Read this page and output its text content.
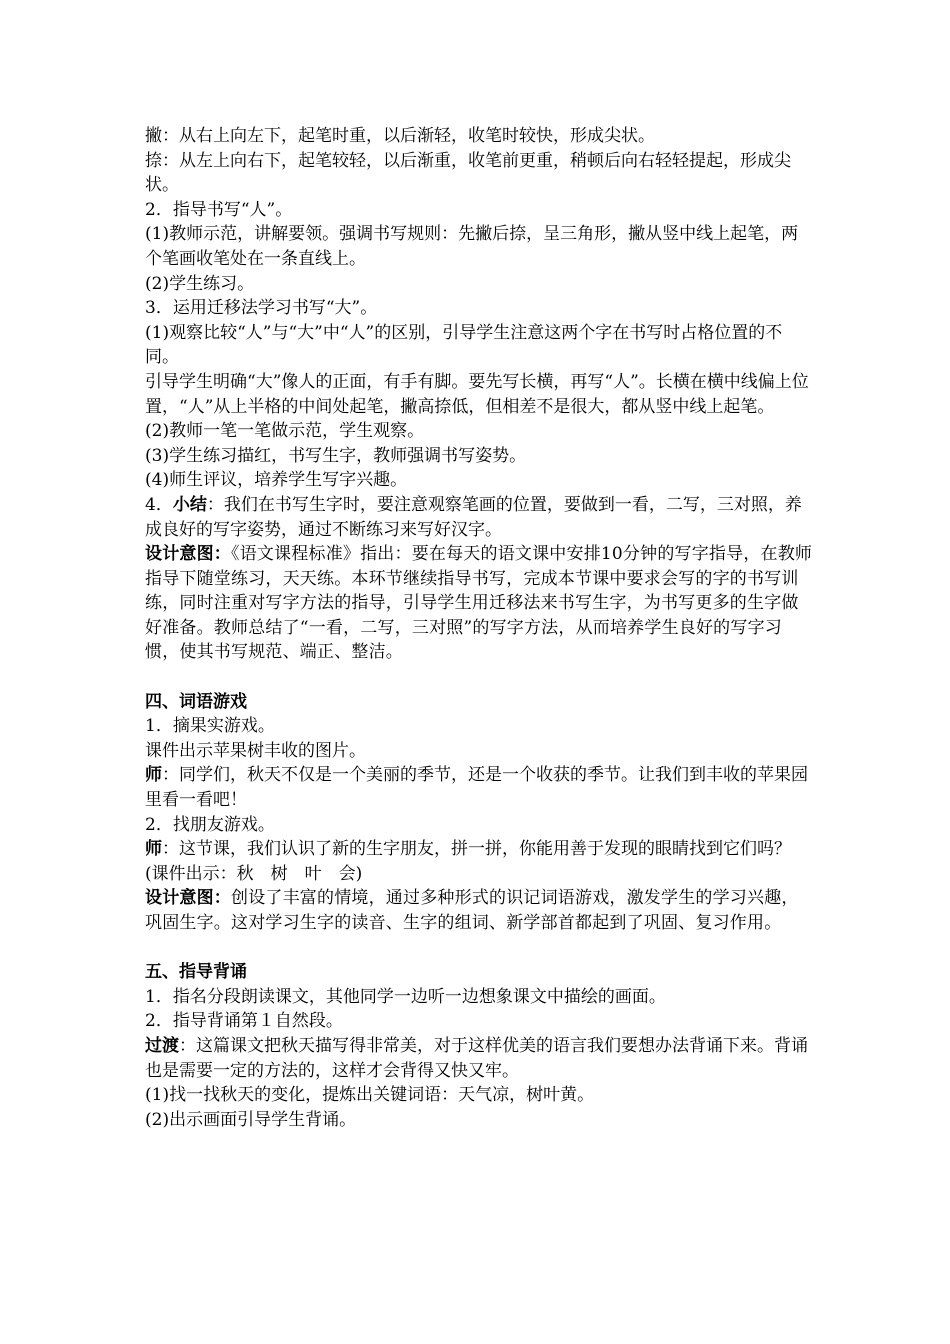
撇：从右上向左下，起笔时重，以后渐轻，收笔时较快，形成尖状。

捺：从左上向右下，起笔较轻，以后渐重，收笔前更重，稍顿后向右轻轻提起，形成尖状。

2．指导书写“人”。

(1)教师示范，讲解要领。强调书写规则：先撇后捺，呈三角形，撇从竖中线上起笔，两个笔画收笔处在一条直线上。

(2)学生练习。

3．运用迁移法学习书写“大”。

(1)观察比较“人”与“大”中“人”的区别，引导学生注意这两个字在书写时占格位置的不同。

引导学生明确“大”像人的正面，有手有脚。要先写长横，再写“人”。长横在横中线偏上位置，“人”从上半格的中间处起笔，撇高捺低，但相差不是很大，都从竖中线上起笔。

(2)教师一笔一笔做示范，学生观察。

(3)学生练习描红，书写生字，教师强调书写姿势。

(4)师生评议，培养学生写字兴趣。

4．小结：我们在书写生字时，要注意观察笔画的位置，要做到一看，二写，三对照，养成良好的写字姿势，通过不断练习来写好汉字。

设计意图：《语文课程标准》指出：要在每天的语文课中安排10分钟的写字指导，在教师指导下随堂练习，天天练。本环节继续指导书写，完成本节课中要求会写的字的书写训练，同时注重对写字方法的指导，引导学生用迁移法来书写生字，为书写更多的生字做好准备。教师总结了“一看，二写，三对照”的写字方法，从而培养学生良好的写字习惯，使其书写规范、端正、整洁。

四、词语游戏

1．摘果实游戏。

课件出示苹果树丰收的图片。

师：同学们，秋天不仅是一个美丽的季节，还是一个收获的季节。让我们到丰收的苹果园里看一看吧！

2．找朋友游戏。

师：这节课，我们认识了新的生字朋友，拼一拼，你能用善于发现的眼睛找到它们吗？

(课件出示：秋　树　叶　会)

设计意图：创设了丰富的情境，通过多种形式的识记词语游戏，激发学生的学习兴趣，巩固生字。这对学习生字的读音、生字的组词、新学部首都起到了巩固、复习作用。

五、指导背诵

1．指名分段朗读课文，其他同学一边听一边想象课文中描绘的画面。

2．指导背诵第１自然段。

过渡：这篇课文把秋天描写得非常美，对于这样优美的语言我们要想办法背诵下来。背诵也是需要一定的方法的，这样才会背得又快又牢。

(1)找一找秋天的变化，提炼出关键词语：天气凉，树叶黄。

(2)出示画面引导学生背诵。
